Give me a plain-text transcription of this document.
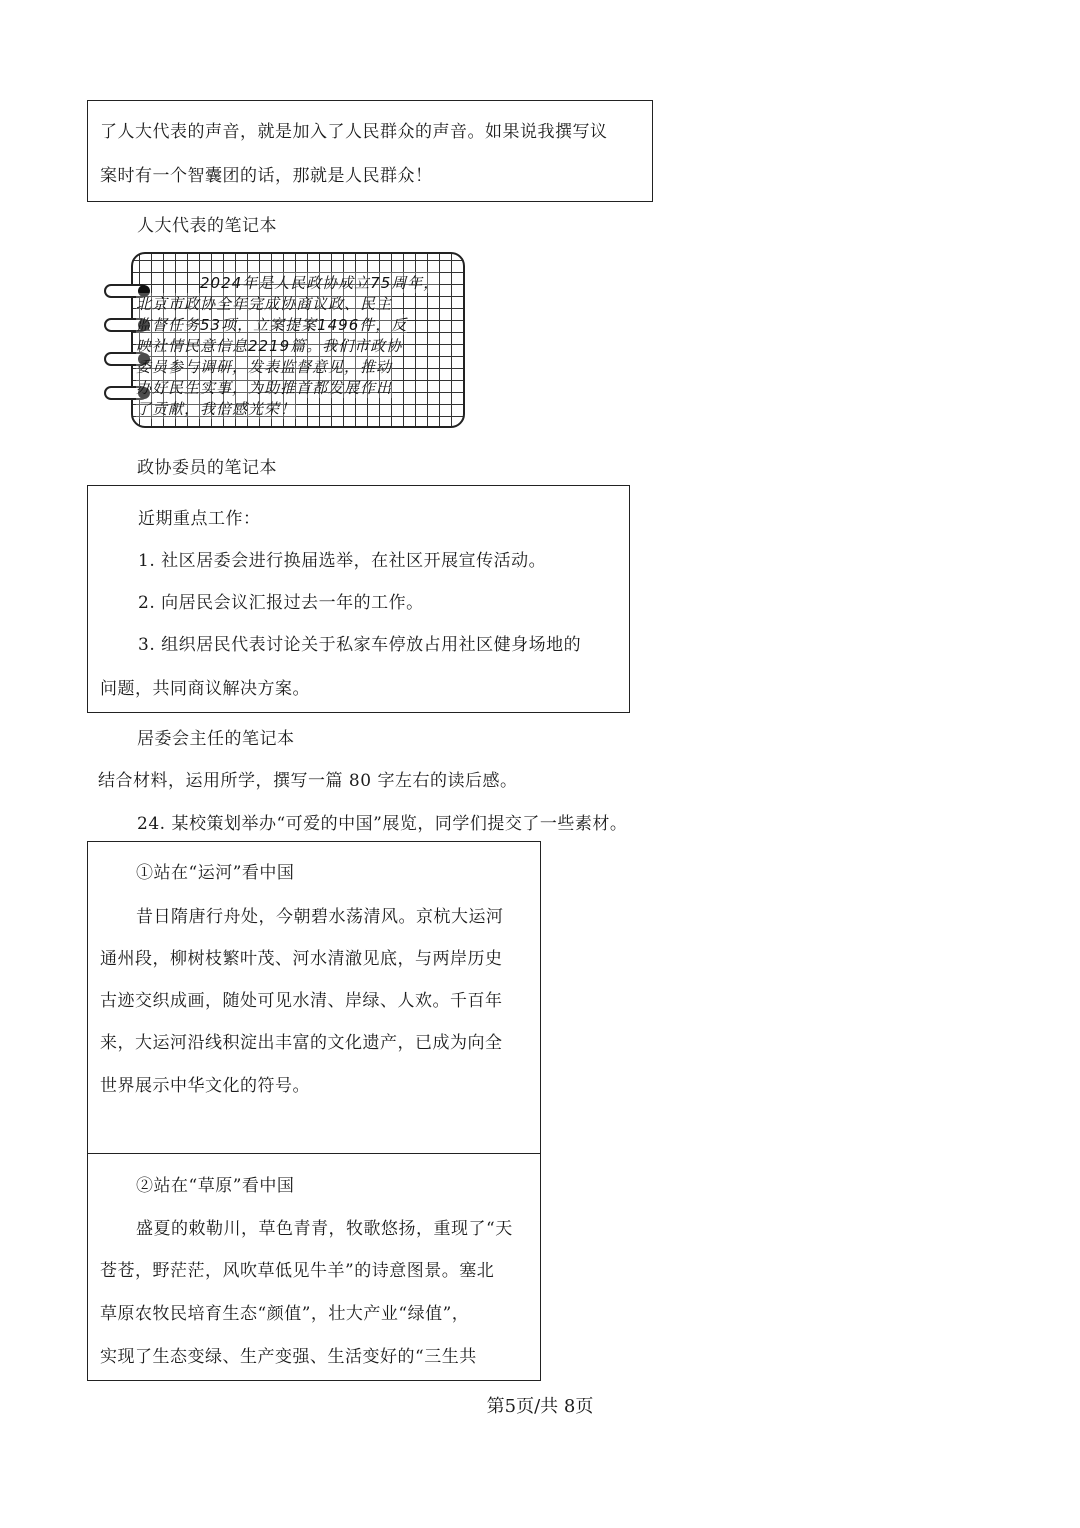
了人大代表的声音，就是加入了人民群众的声音。如果说我撰写议
案时有一个智囊团的话，那就是人民群众！
人大代表的笔记本
2024年是人民政协成立75周年，
北京市政协全年完成协商议政、民主
监督任务53项，立案提案1496件，反
映社情民意信息2219篇。我们市政协
委员参与调研，发表监督意见，推动
办好民生实事，为助推首都发展作出
了贡献，我倍感光荣！
政协委员的笔记本
近期重点工作：
1. 社区居委会进行换届选举，在社区开展宣传活动。
2. 向居民会议汇报过去一年的工作。
3. 组织居民代表讨论关于私家车停放占用社区健身场地的
问题，共同商议解决方案。
居委会主任的笔记本
结合材料，运用所学，撰写一篇 80 字左右的读后感。
24. 某校策划举办“可爱的中国”展览，同学们提交了一些素材。
①站在“运河”看中国
昔日隋唐行舟处，今朝碧水荡清风。京杭大运河
通州段，柳树枝繁叶茂、河水清澈见底，与两岸历史
古迹交织成画，随处可见水清、岸绿、人欢。千百年
来，大运河沿线积淀出丰富的文化遗产，已成为向全
世界展示中华文化的符号。
②站在“草原”看中国
盛夏的敕勒川，草色青青，牧歌悠扬，重现了“天
苍苍，野茫茫，风吹草低见牛羊”的诗意图景。塞北
草原农牧民培育生态“颜值”，壮大产业“绿值”，
实现了生态变绿、生产变强、生活变好的“三生共
第5页/共 8页
